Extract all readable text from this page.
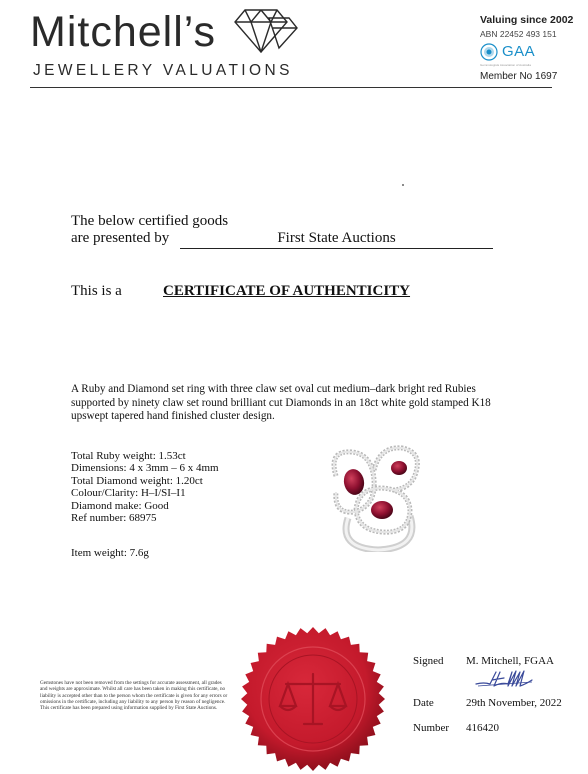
Mitchell’s
JEWELLERY VALUATIONS
Valuing since 2002
ABN 22452 493 151
GAA
Gemmologists Association of Australia
Member No 1697
The below certified goods
are presented by	First State Auctions
This is a	CERTIFICATE OF AUTHENTICITY
A Ruby and Diamond set ring with three claw set oval cut medium–dark bright red Rubies supported by ninety claw set round brilliant cut Diamonds in an 18ct white gold stamped K18 upswept tapered hand finished cluster design.
Total Ruby weight: 1.53ct
Dimensions: 4 x 3mm – 6 x 4mm
Total Diamond weight: 1.20ct
Colour/Clarity: H–I/SI–I1
Diamond make: Good
Ref number: 68975
Item weight: 7.6g
Signed M. Mitchell, FGAA
Date	29th November, 2022
Number 416420
Gemstones have not been removed from the settings for accurate assessment, all grades and weights are approximate. Whilst all care has been taken in making this certificate, no liability is accepted other than to the person whom the certificate is given for any errors or omissions in the certificate, including any liability to any person by reason of negligence. This certificate has been prepared using information supplied by First State Auctions.
